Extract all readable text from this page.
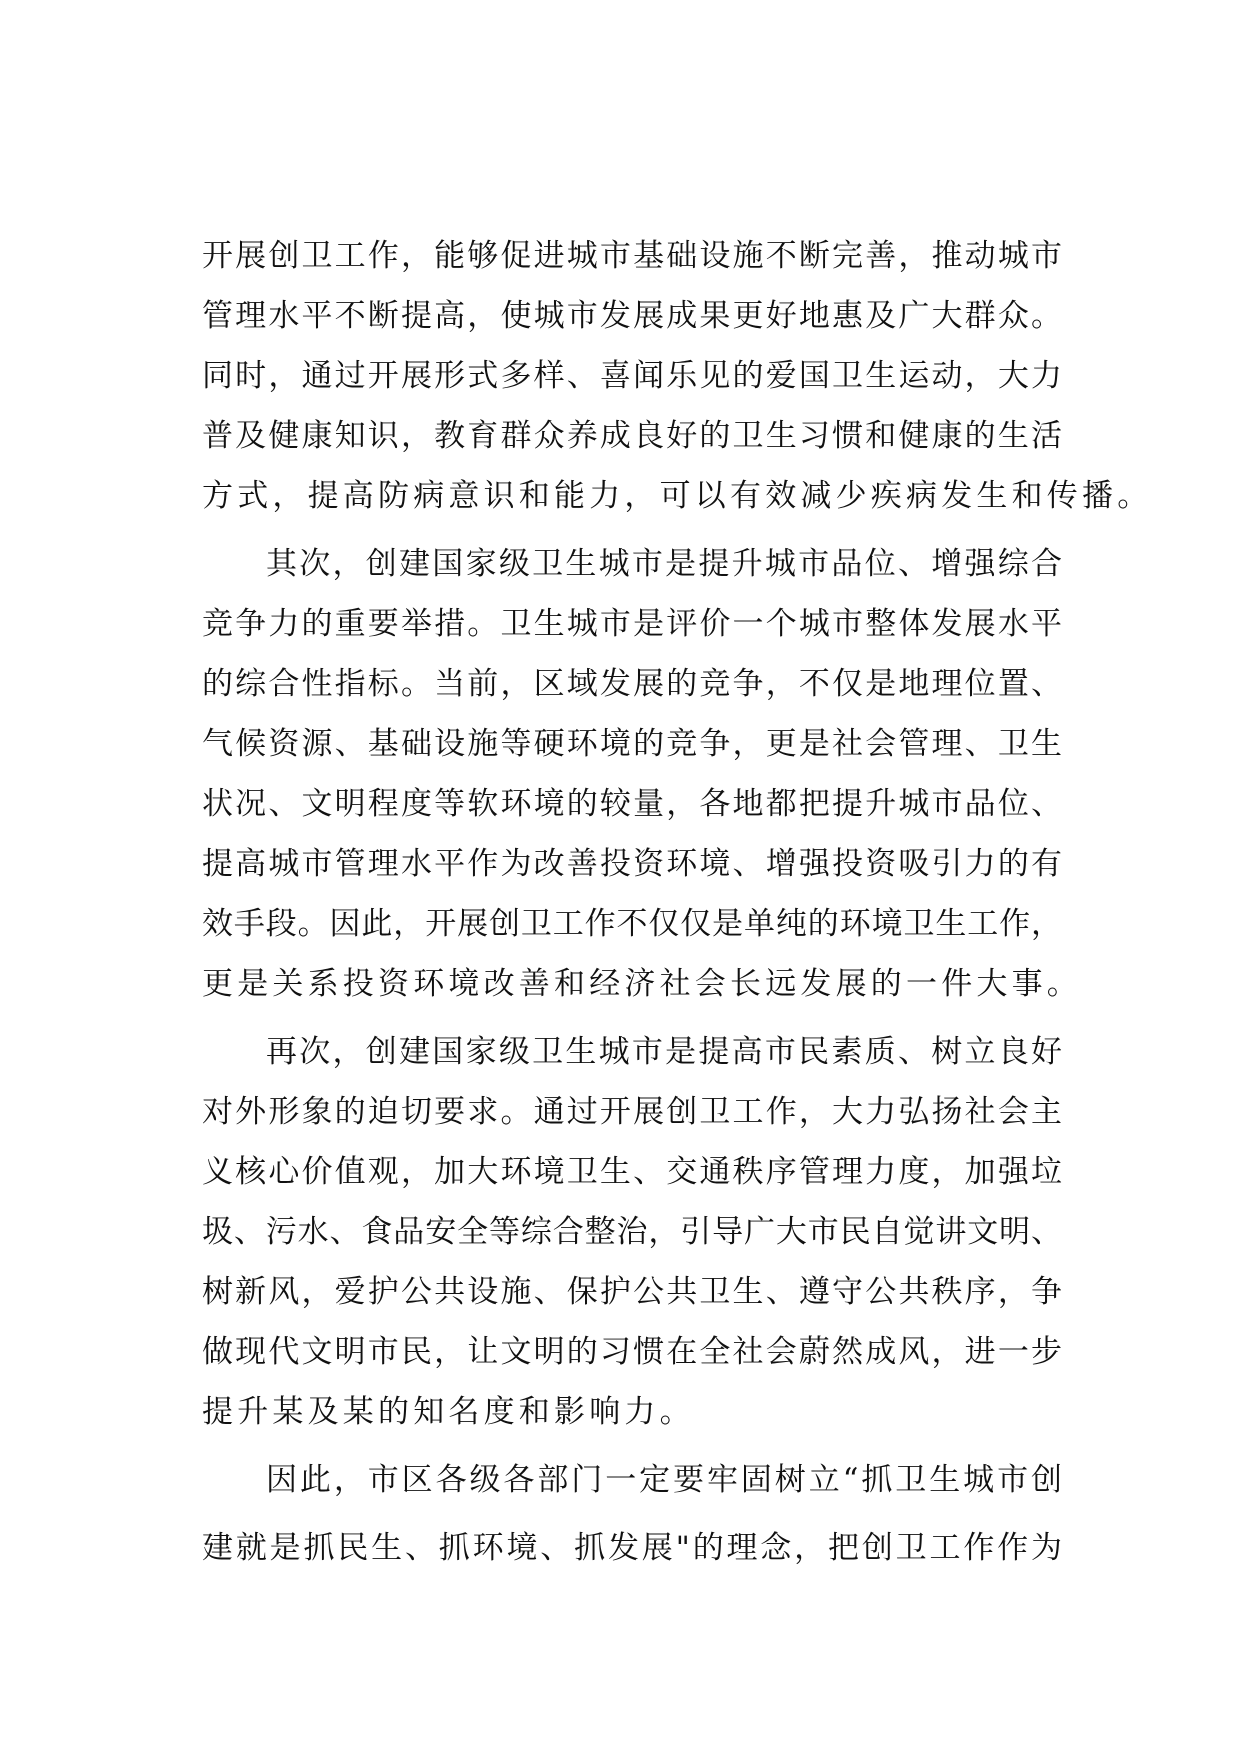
开展创卫工作，能够促进城市基础设施不断完善，推动城市
管理水平不断提高，使城市发展成果更好地惠及广大群众。
同时，通过开展形式多样、喜闻乐见的爱国卫生运动，大力
普及健康知识，教育群众养成良好的卫生习惯和健康的生活
方式，提高防病意识和能力，可以有效减少疾病发生和传播。
其次，创建国家级卫生城市是提升城市品位、增强综合
竞争力的重要举措。卫生城市是评价一个城市整体发展水平
的综合性指标。当前，区域发展的竞争，不仅是地理位置、
气候资源、基础设施等硬环境的竞争，更是社会管理、卫生
状况、文明程度等软环境的较量，各地都把提升城市品位、
提高城市管理水平作为改善投资环境、增强投资吸引力的有
效手段。因此，开展创卫工作不仅仅是单纯的环境卫生工作，
更是关系投资环境改善和经济社会长远发展的一件大事。
再次，创建国家级卫生城市是提高市民素质、树立良好
对外形象的迫切要求。通过开展创卫工作，大力弘扬社会主
义核心价值观，加大环境卫生、交通秩序管理力度，加强垃
圾、污水、食品安全等综合整治，引导广大市民自觉讲文明、
树新风，爱护公共设施、保护公共卫生、遵守公共秩序，争
做现代文明市民，让文明的习惯在全社会蔚然成风，进一步
提升某及某的知名度和影响力。
因此，市区各级各部门一定要牢固树立“抓卫生城市创
建就是抓民生、抓环境、抓发展"的理念，把创卫工作作为
